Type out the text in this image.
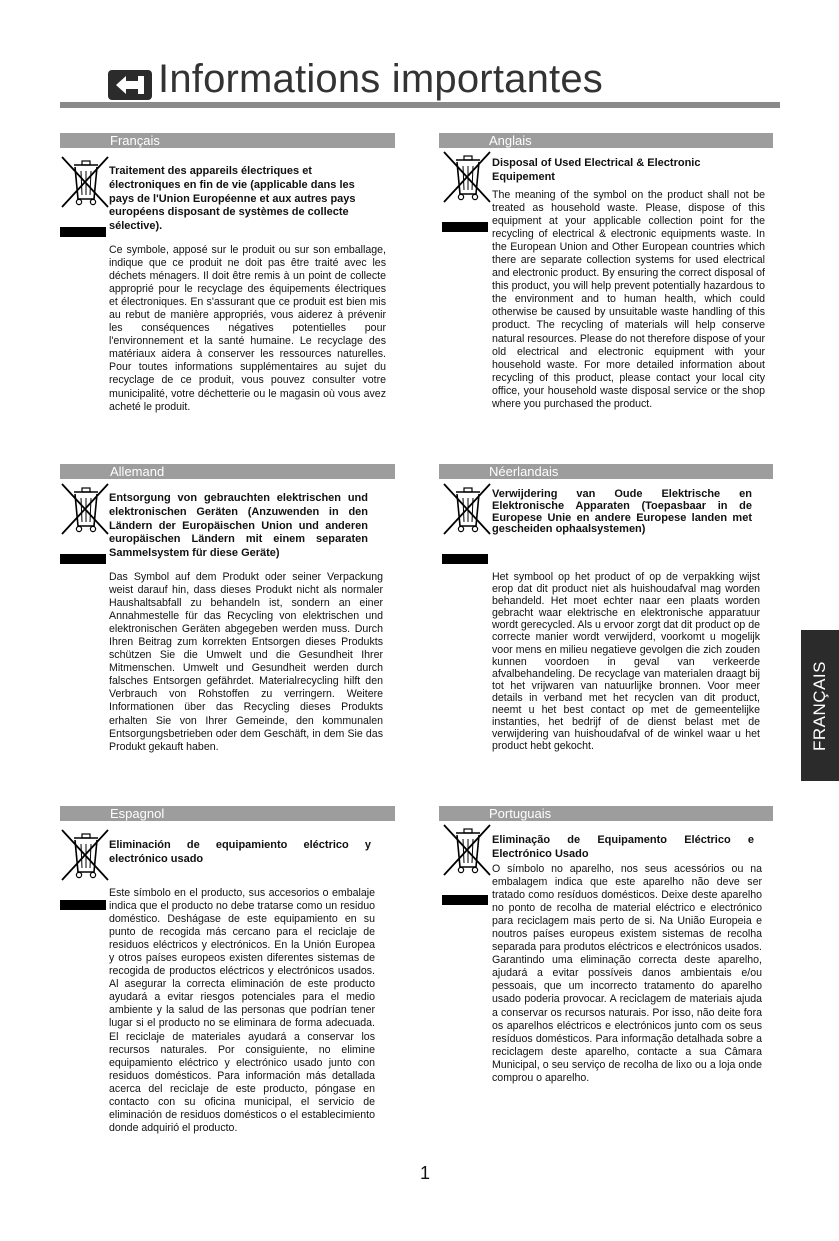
Informations importantes
Français
Traitement des appareils électriques et électroniques en fin de vie (applicable dans les pays de l'Union Européenne et aux autres pays européens disposant de systèmes de collecte sélective).
Ce symbole, apposé sur le produit ou sur son emballage, indique que ce produit ne doit pas être traité avec les déchets ménagers. Il doit être remis à un point de collecte approprié pour le recyclage des équipements électriques et électroniques. En s'assurant que ce produit est bien mis au rebut de manière appropriés, vous aiderez à prévenir les conséquences négatives potentielles pour l'environnement et la santé humaine. Le recyclage des matériaux aidera à conserver les ressources naturelles. Pour toutes informations supplémentaires au sujet du recyclage de ce produit, vous pouvez consulter votre municipalité, votre déchetterie ou le magasin où vous avez acheté le produit.
Anglais
Disposal of Used Electrical & Electronic Equipement
The meaning of the symbol on the product shall not be treated as household waste. Please, dispose of this equipment at your applicable collection point for the recycling of electrical & electronic equipments waste. In the European Union and Other European countries which there are separate collection systems for used electrical and electronic product. By ensuring the correct disposal of this product, you will help prevent potentially hazardous to the environment and to human health, which could otherwise be caused by unsuitable waste handling of this product. The recycling of materials will help conserve natural resources. Please do not therefore dispose of your old electrical and electronic equipment with your household waste. For more detailed information about recycling of this product, please contact your local city office, your household waste disposal service or the shop where you purchased the product.
Allemand
Entsorgung von gebrauchten elektrischen und elektronischen Geräten (Anzuwenden in den Ländern der Europäischen Union und anderen europäischen Ländern mit einem separaten Sammelsystem für diese Geräte)
Das Symbol auf dem Produkt oder seiner Verpackung weist darauf hin, dass dieses Produkt nicht als normaler Haushaltsabfall zu behandeln ist, sondern an einer Annahmestelle für das Recycling von elektrischen und elektronischen Geräten abgegeben werden muss. Durch Ihren Beitrag zum korrekten Entsorgen dieses Produkts schützen Sie die Umwelt und die Gesundheit Ihrer Mitmenschen. Umwelt und Gesundheit werden durch falsches Entsorgen gefährdet. Materialrecycling hilft den Verbrauch von Rohstoffen zu verringern. Weitere Informationen über das Recycling dieses Produkts erhalten Sie von Ihrer Gemeinde, den kommunalen Entsorgungsbetrieben oder dem Geschäft, in dem Sie das Produkt gekauft haben.
Néerlandais
Verwijdering van Oude Elektrische en Elektronische Apparaten (Toepasbaar in de Europese Unie en andere Europese landen met gescheiden ophaalsystemen)
Het symbool op het product of op de verpakking wijst erop dat dit product niet als huishoudafval mag worden behandeld. Het moet echter naar een plaats worden gebracht waar elektrische en elektronische apparatuur wordt gerecycled. Als u ervoor zorgt dat dit product op de correcte manier wordt verwijderd, voorkomt u mogelijk voor mens en milieu negatieve gevolgen die zich zouden kunnen voordoen in geval van verkeerde afvalbehandeling. De recyclage van materialen draagt bij tot het vrijwaren van natuurlijke bronnen. Voor meer details in verband met het recyclen van dit product, neemt u het best contact op met de gemeentelijke instanties, het bedrijf of de dienst belast met de verwijdering van huishoudafval of de winkel waar u het product hebt gekocht.
Espagnol
Eliminación de equipamiento eléctrico y electrónico usado
Este símbolo en el producto, sus accesorios o embalaje indica que el producto no debe tratarse como un residuo doméstico. Deshágase de este equipamiento en su punto de recogida más cercano para el reciclaje de residuos eléctricos y electrónicos. En la Unión Europea y otros países europeos existen diferentes sistemas de recogida de productos eléctricos y electrónicos usados. Al asegurar la correcta eliminación de este producto ayudará a evitar riesgos potenciales para el medio ambiente y la salud de las personas que podrían tener lugar si el producto no se eliminara de forma adecuada. El reciclaje de materiales ayudará a conservar los recursos naturales. Por consiguiente, no elimine equipamiento eléctrico y electrónico usado junto con residuos domésticos. Para información más detallada acerca del reciclaje de este producto, póngase en contacto con su oficina municipal, el servicio de eliminación de residuos domésticos o el establecimiento donde adquirió el producto.
Portuguais
Eliminação de Equipamento Eléctrico e Electrónico Usado
O símbolo no aparelho, nos seus acessórios ou na embalagem indica que este aparelho não deve ser tratado como resíduos domésticos. Deixe deste aparelho no ponto de recolha de material eléctrico e electrónico para reciclagem mais perto de si. Na União Europeia e noutros países europeus existem sistemas de recolha separada para produtos eléctricos e electrónicos usados. Garantindo uma eliminação correcta deste aparelho, ajudará a evitar possíveis danos ambientais e/ou pessoais, que um incorrecto tratamento do aparelho usado poderia provocar. A reciclagem de materiais ajuda a conservar os recursos naturais. Por isso, não deite fora os aparelhos eléctricos e electrónicos junto com os seus resíduos domésticos. Para informação detalhada sobre a reciclagem deste aparelho, contacte a sua Câmara Municipal, o seu serviço de recolha de lixo ou a loja onde comprou o aparelho.
FRANÇAIS
1
